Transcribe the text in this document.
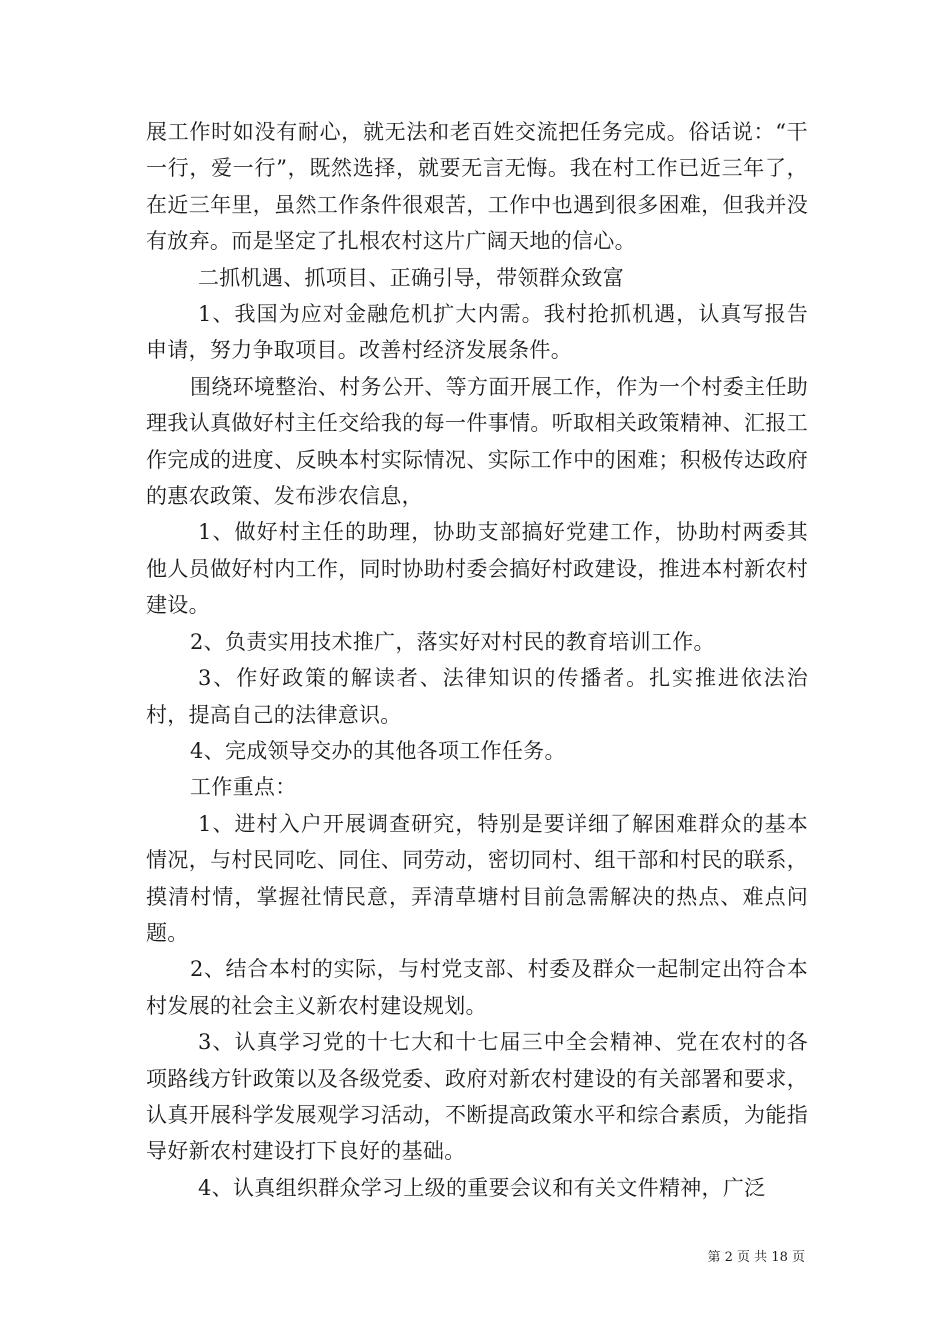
展工作时如没有耐心，就无法和老百姓交流把任务完成。俗话说：“干一行，爱一行”，既然选择，就要无言无悔。我在村工作已近三年了，在近三年里，虽然工作条件很艰苦，工作中也遇到很多困难，但我并没有放弃。而是坚定了扎根农村这片广阔天地的信心。

二抓机遇、抓项目、正确引导，带领群众致富

1、我国为应对金融危机扩大内需。我村抢抓机遇，认真写报告申请，努力争取项目。改善村经济发展条件。

围绕环境整治、村务公开、等方面开展工作，作为一个村委主任助理我认真做好村主任交给我的每一件事情。听取相关政策精神、汇报工作完成的进度、反映本村实际情况、实际工作中的困难；积极传达政府的惠农政策、发布涉农信息，

1、做好村主任的助理，协助支部搞好党建工作，协助村两委其他人员做好村内工作，同时协助村委会搞好村政建设，推进本村新农村建设。

2、负责实用技术推广，落实好对村民的教育培训工作。

3、作好政策的解读者、法律知识的传播者。扎实推进依法治村，提高自己的法律意识。

4、完成领导交办的其他各项工作任务。

工作重点：

1、进村入户开展调查研究，特别是要详细了解困难群众的基本情况，与村民同吃、同住、同劳动，密切同村、组干部和村民的联系，摸清村情，掌握社情民意，弄清草塘村目前急需解决的热点、难点问题。

2、结合本村的实际，与村党支部、村委及群众一起制定出符合本村发展的社会主义新农村建设规划。

3、认真学习党的十七大和十七届三中全会精神、党在农村的各项路线方针政策以及各级党委、政府对新农村建设的有关部署和要求，认真开展科学发展观学习活动，不断提高政策水平和综合素质，为能指导好新农村建设打下良好的基础。

4、认真组织群众学习上级的重要会议和有关文件精神，广泛

第 2 页 共 18 页
